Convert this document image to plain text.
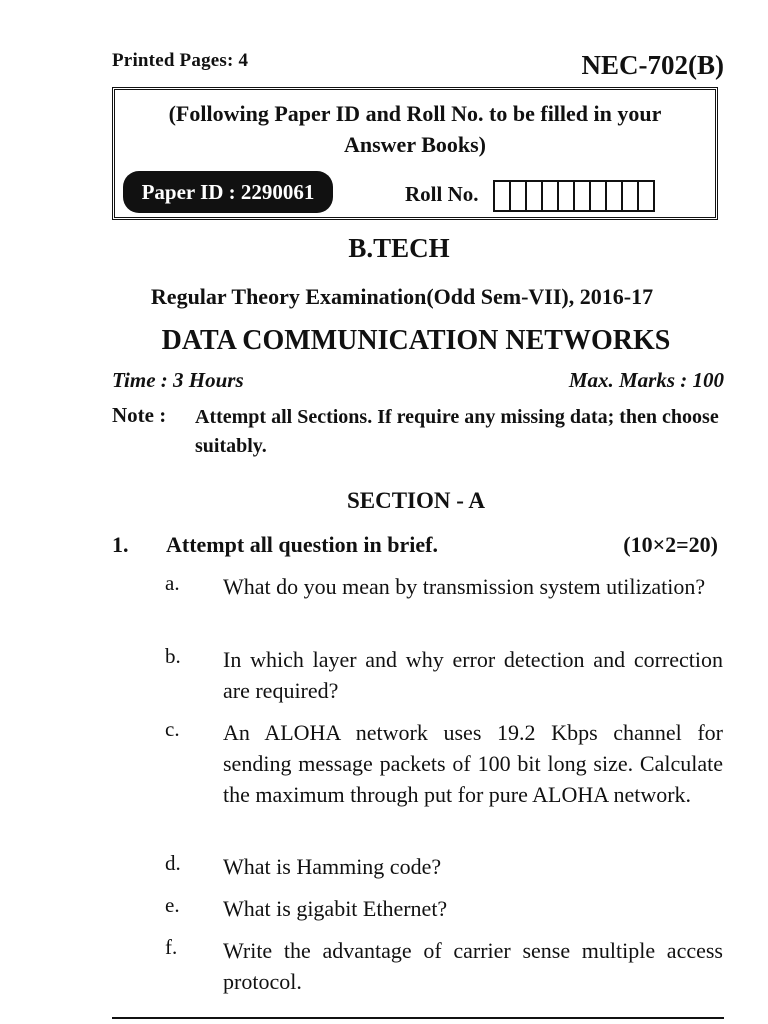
Printed Pages: 4	NEC-702(B)
(Following Paper ID and Roll No. to be filled in your
Answer Books)
Paper ID : 2290061	Roll No.
B.TECH
Regular Theory Examination(Odd Sem-VII), 2016-17
DATA COMMUNICATION NETWORKS
Time : 3 Hours	Max. Marks : 100
Note : Attempt all Sections. If require any missing data; then choose suitably.
SECTION - A
1. Attempt all question in brief.	(10×2=20)
a. What do you mean by transmission system utilization?
b. In which layer and why error detection and correction are required?
c. An ALOHA network uses 19.2 Kbps channel for sending message packets of 100 bit long size. Calculate the maximum through put for pure ALOHA network.
d. What is Hamming code?
e. What is gigabit Ethernet?
f. Write the advantage of carrier sense multiple access protocol.
